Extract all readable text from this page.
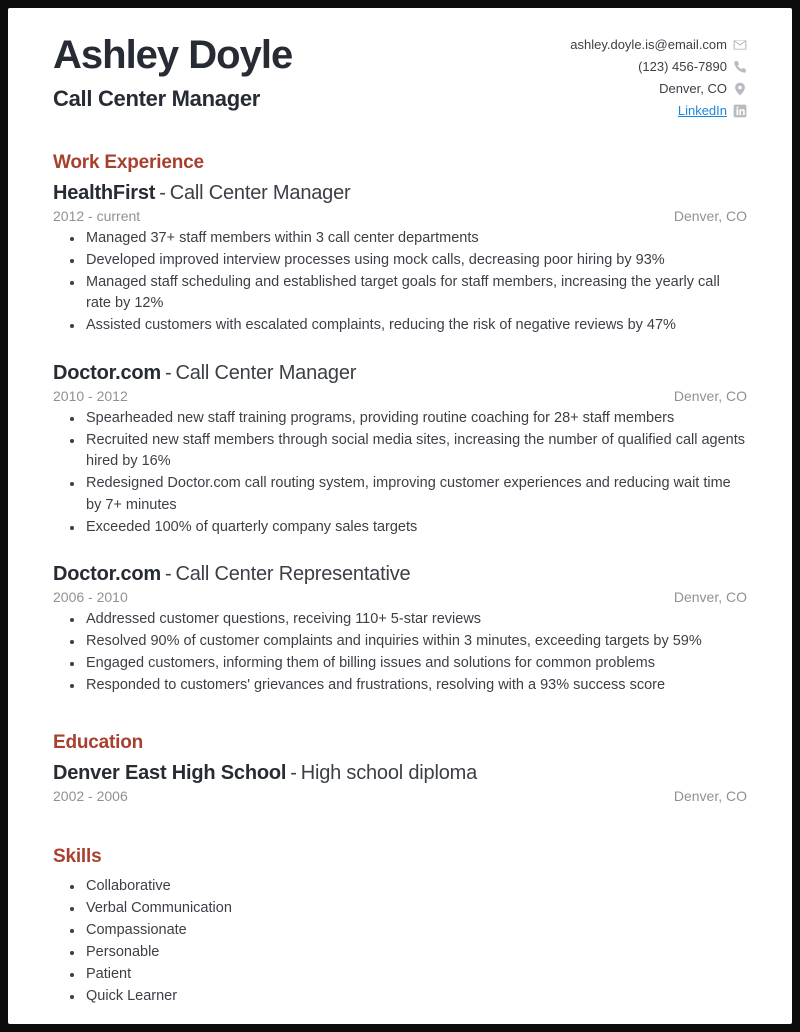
Ashley Doyle
Call Center Manager
ashley.doyle.is@email.com
(123) 456-7890
Denver, CO
LinkedIn
Work Experience
HealthFirst - Call Center Manager
2012 - current	Denver, CO
• Managed 37+ staff members within 3 call center departments
• Developed improved interview processes using mock calls, decreasing poor hiring by 93%
• Managed staff scheduling and established target goals for staff members, increasing the yearly call rate by 12%
• Assisted customers with escalated complaints, reducing the risk of negative reviews by 47%
Doctor.com - Call Center Manager
2010 - 2012	Denver, CO
• Spearheaded new staff training programs, providing routine coaching for 28+ staff members
• Recruited new staff members through social media sites, increasing the number of qualified call agents hired by 16%
• Redesigned Doctor.com call routing system, improving customer experiences and reducing wait time by 7+ minutes
• Exceeded 100% of quarterly company sales targets
Doctor.com - Call Center Representative
2006 - 2010	Denver, CO
• Addressed customer questions, receiving 110+ 5-star reviews
• Resolved 90% of customer complaints and inquiries within 3 minutes, exceeding targets by 59%
• Engaged customers, informing them of billing issues and solutions for common problems
• Responded to customers' grievances and frustrations, resolving with a 93% success score
Education
Denver East High School - High school diploma
2002 - 2006	Denver, CO
Skills
• Collaborative
• Verbal Communication
• Compassionate
• Personable
• Patient
• Quick Learner
